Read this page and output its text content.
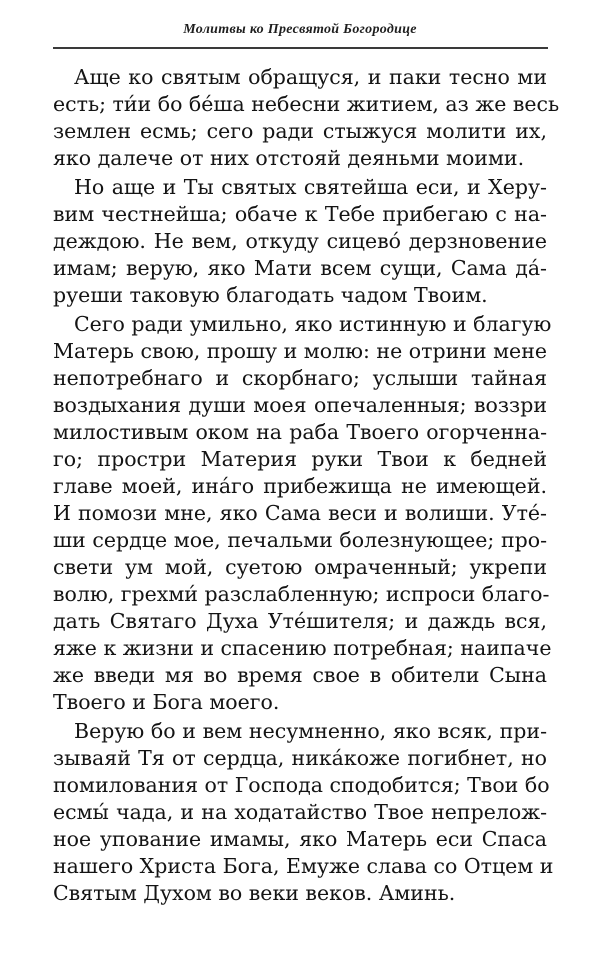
Молитвы ко Пресвятой Богородице
Аще ко святым обращуся, и паки тесно ми
есть; ти́и бо бе́ша небесни житием, аз же весь
землен есмь; сего ради стыжуся молити их,
яко далече от них отстояй деяньми моими.
Но аще и Ты святых святейша еси, и Херу-
вим честнейша; обаче к Тебе прибегаю с на-
деждою. Не вем, откуду сицево́ дерзновение
имам; верую, яко Мати всем сущи, Сама да́-
руеши таковую благодать чадом Твоим.
Сего ради умильно, яко истинную и благую
Матерь свою, прошу и молю: не отрини мене
непотребнаго и скорбнаго; услыши тайная
воздыхания души моея опечаленныя; воззри
милостивым оком на раба Твоего огорченна-
го; простри Материя руки Твои к бедней
главе моей, ина́го прибежища не имеющей.
И помози мне, яко Сама веси и волиши. Уте́-
ши сердце мое, печальми болезнующее; про-
свети ум мой, суетою омраченный; укрепи
волю, грехми́ разслабленную; испроси благо-
дать Святаго Духа Уте́шителя; и даждь вся,
яже к жизни и спасению потребная; наипаче
же введи мя во время свое в обители Сына
Твоего и Бога моего.
Верую бо и вем несумненно, яко всяк, при-
зываяй Тя от сердца, ника́коже погибнет, но
помилования от Господа сподобится; Твои бо
есмы́ чада, и на ходатайство Твое непрелож-
ное упование имамы, яко Матерь еси Спаса
нашего Христа Бога, Емуже слава со Отцем и
Святым Духом во веки веков. Аминь.
